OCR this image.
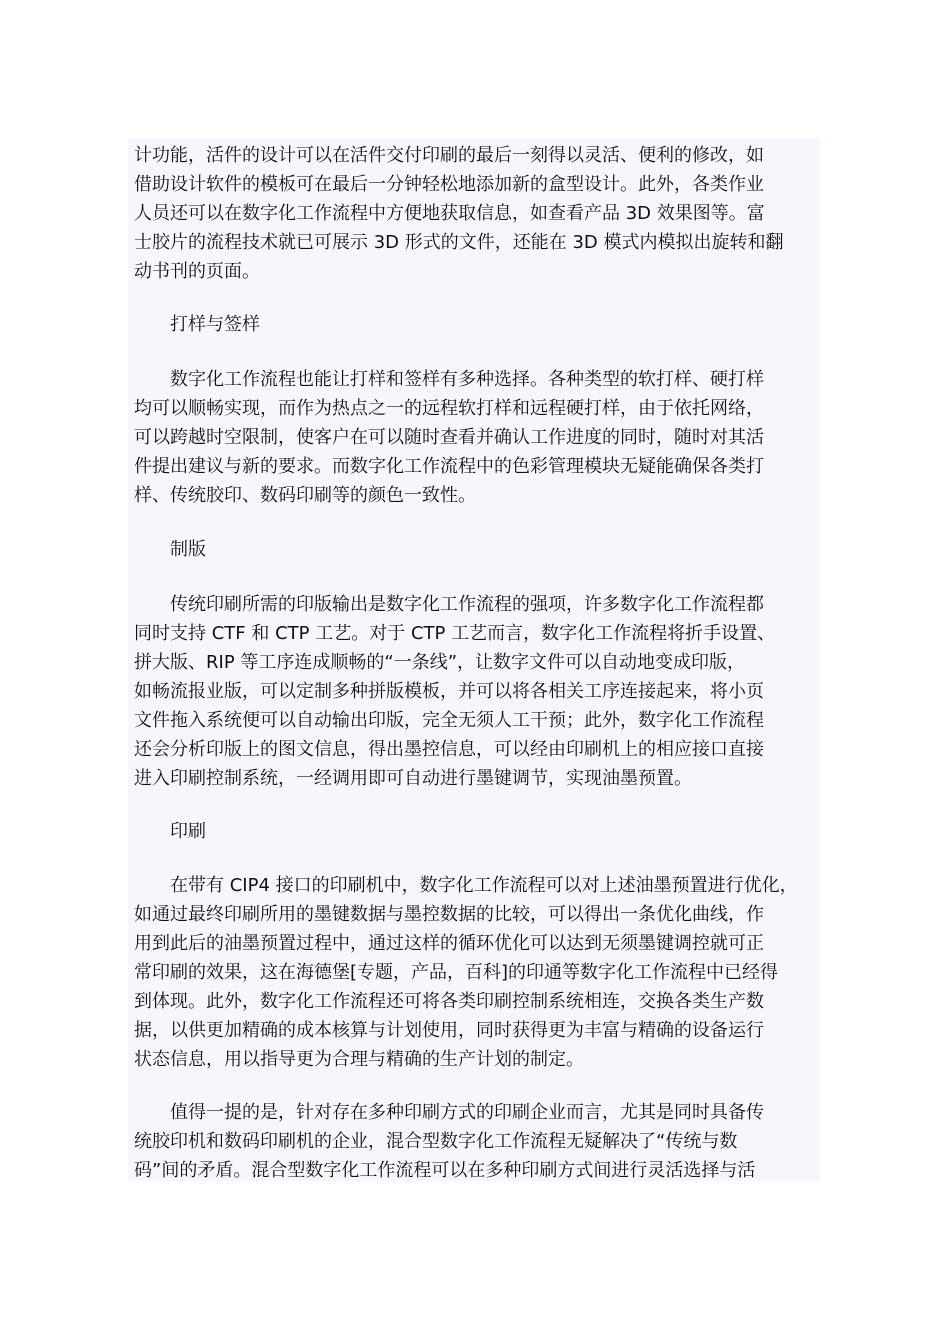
计功能，活件的设计可以在活件交付印刷的最后一刻得以灵活、便利的修改，如
借助设计软件的模板可在最后一分钟轻松地添加新的盒型设计。此外，各类作业
人员还可以在数字化工作流程中方便地获取信息，如查看产品 3D 效果图等。富
士胶片的流程技术就已可展示 3D 形式的文件，还能在 3D 模式内模拟出旋转和翻
动书刊的页面。
打样与签样
数字化工作流程也能让打样和签样有多种选择。各种类型的软打样、硬打样
均可以顺畅实现，而作为热点之一的远程软打样和远程硬打样，由于依托网络，
可以跨越时空限制，使客户在可以随时查看并确认工作进度的同时，随时对其活
件提出建议与新的要求。而数字化工作流程中的色彩管理模块无疑能确保各类打
样、传统胶印、数码印刷等的颜色一致性。
制版
传统印刷所需的印版输出是数字化工作流程的强项，许多数字化工作流程都
同时支持 CTF 和 CTP 工艺。对于 CTP 工艺而言，数字化工作流程将折手设置、
拼大版、RIP 等工序连成顺畅的“一条线”，让数字文件可以自动地变成印版，
如畅流报业版，可以定制多种拼版模板，并可以将各相关工序连接起来，将小页
文件拖入系统便可以自动输出印版，完全无须人工干预；此外，数字化工作流程
还会分析印版上的图文信息，得出墨控信息，可以经由印刷机上的相应接口直接
进入印刷控制系统，一经调用即可自动进行墨键调节，实现油墨预置。
印刷
在带有 CIP4 接口的印刷机中，数字化工作流程可以对上述油墨预置进行优化，
如通过最终印刷所用的墨键数据与墨控数据的比较，可以得出一条优化曲线，作
用到此后的油墨预置过程中，通过这样的循环优化可以达到无须墨键调控就可正
常印刷的效果，这在海德堡[专题，产品，百科]的印通等数字化工作流程中已经得
到体现。此外，数字化工作流程还可将各类印刷控制系统相连，交换各类生产数
据，以供更加精确的成本核算与计划使用，同时获得更为丰富与精确的设备运行
状态信息，用以指导更为合理与精确的生产计划的制定。
值得一提的是，针对存在多种印刷方式的印刷企业而言，尤其是同时具备传
统胶印机和数码印刷机的企业，混合型数字化工作流程无疑解决了“传统与数
码”间的矛盾。混合型数字化工作流程可以在多种印刷方式间进行灵活选择与活
